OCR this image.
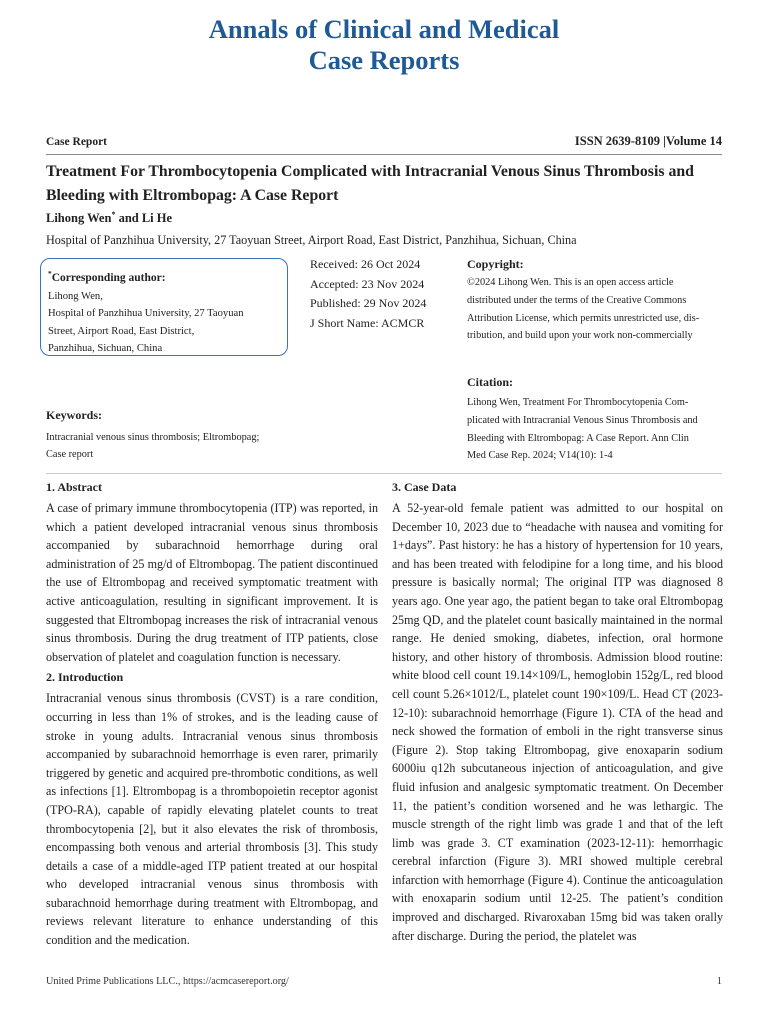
Annals of Clinical and Medical
Case Reports
Case Report	ISSN 2639-8109 |Volume 14
Treatment For Thrombocytopenia Complicated with Intracranial Venous Sinus Thrombosis and Bleeding with Eltrombopag: A Case Report
Lihong Wen* and Li He
Hospital of Panzhihua University, 27 Taoyuan Street, Airport Road, East District, Panzhihua, Sichuan, China
*Corresponding author:
Lihong Wen,
Hospital of Panzhihua University, 27 Taoyuan
Street, Airport Road, East District,
Panzhihua, Sichuan, China
Received: 26 Oct 2024
Accepted: 23 Nov 2024
Published: 29 Nov 2024
J Short Name: ACMCR
Copyright:
©2024 Lihong Wen. This is an open access article
distributed under the terms of the Creative Commons
Attribution License, which permits unrestricted use, dis-
tribution, and build upon your work non-commercially
Citation:
Lihong Wen, Treatment For Thrombocytopenia Com-
plicated with Intracranial Venous Sinus Thrombosis and
Bleeding with Eltrombopag: A Case Report. Ann Clin
Med Case Rep. 2024; V14(10): 1-4
Keywords:
Intracranial venous sinus thrombosis; Eltrombopag;
Case report
1. Abstract

A case of primary immune thrombocytopenia (ITP) was reported, in which a patient developed intracranial venous sinus thrombosis accompanied by subarachnoid hemorrhage during oral administration of 25 mg/d of Eltrombopag. The patient discontinued the use of Eltrombopag and received symptomatic treatment with active anticoagulation, resulting in significant improvement. It is suggested that Eltrombopag increases the risk of intracranial venous sinus thrombosis. During the drug treatment of ITP patients, close observation of platelet and coagulation function is necessary.

2. Introduction

Intracranial venous sinus thrombosis (CVST) is a rare condition, occurring in less than 1% of strokes, and is the leading cause of stroke in young adults. Intracranial venous sinus thrombosis accompanied by subarachnoid hemorrhage is even rarer, primarily triggered by genetic and acquired pre-thrombotic conditions, as well as infections [1]. Eltrombopag is a thrombopoietin receptor agonist (TPO-RA), capable of rapidly elevating platelet counts to treat thrombocytopenia [2], but it also elevates the risk of thrombosis, encompassing both venous and arterial thrombosis [3]. This study details a case of a middle-aged ITP patient treated at our hospital who developed intracranial venous sinus thrombosis with subarachnoid hemorrhage during treatment with Eltrombopag, and reviews relevant literature to enhance understanding of this condition and the medication.

3. Case Data

A 52-year-old female patient was admitted to our hospital on December 10, 2023 due to “headache with nausea and vomiting for 1+days”. Past history: he has a history of hypertension for 10 years, and has been treated with felodipine for a long time, and his blood pressure is basically normal; The original ITP was diagnosed 8 years ago. One year ago, the patient began to take oral Eltrombopag 25mg QD, and the platelet count basically maintained in the normal range. He denied smoking, diabetes, infection, oral hormone history, and other history of thrombosis. Admission blood routine: white blood cell count 19.14×109/L, hemoglobin 152g/L, red blood cell count 5.26×1012/L, platelet count 190×109/L. Head CT (2023-12-10): subarachnoid hemorrhage (Figure 1). CTA of the head and neck showed the formation of emboli in the right transverse sinus (Figure 2). Stop taking Eltrombopag, give enoxaparin sodium 6000iu q12h subcutaneous injection of anticoagulation, and give fluid infusion and analgesic symptomatic treatment. On December 11, the patient’s condition worsened and he was lethargic. The muscle strength of the right limb was grade 1 and that of the left limb was grade 3. CT examination (2023-12-11): hemorrhagic cerebral infarction (Figure 3). MRI showed multiple cerebral infarction with hemorrhage (Figure 4). Continue the anticoagulation with enoxaparin sodium until 12-25. The patient’s condition improved and discharged. Rivaroxaban 15mg bid was taken orally after discharge. During the period, the platelet was

United Prime Publications LLC., https://acmcasereport.org/	1
